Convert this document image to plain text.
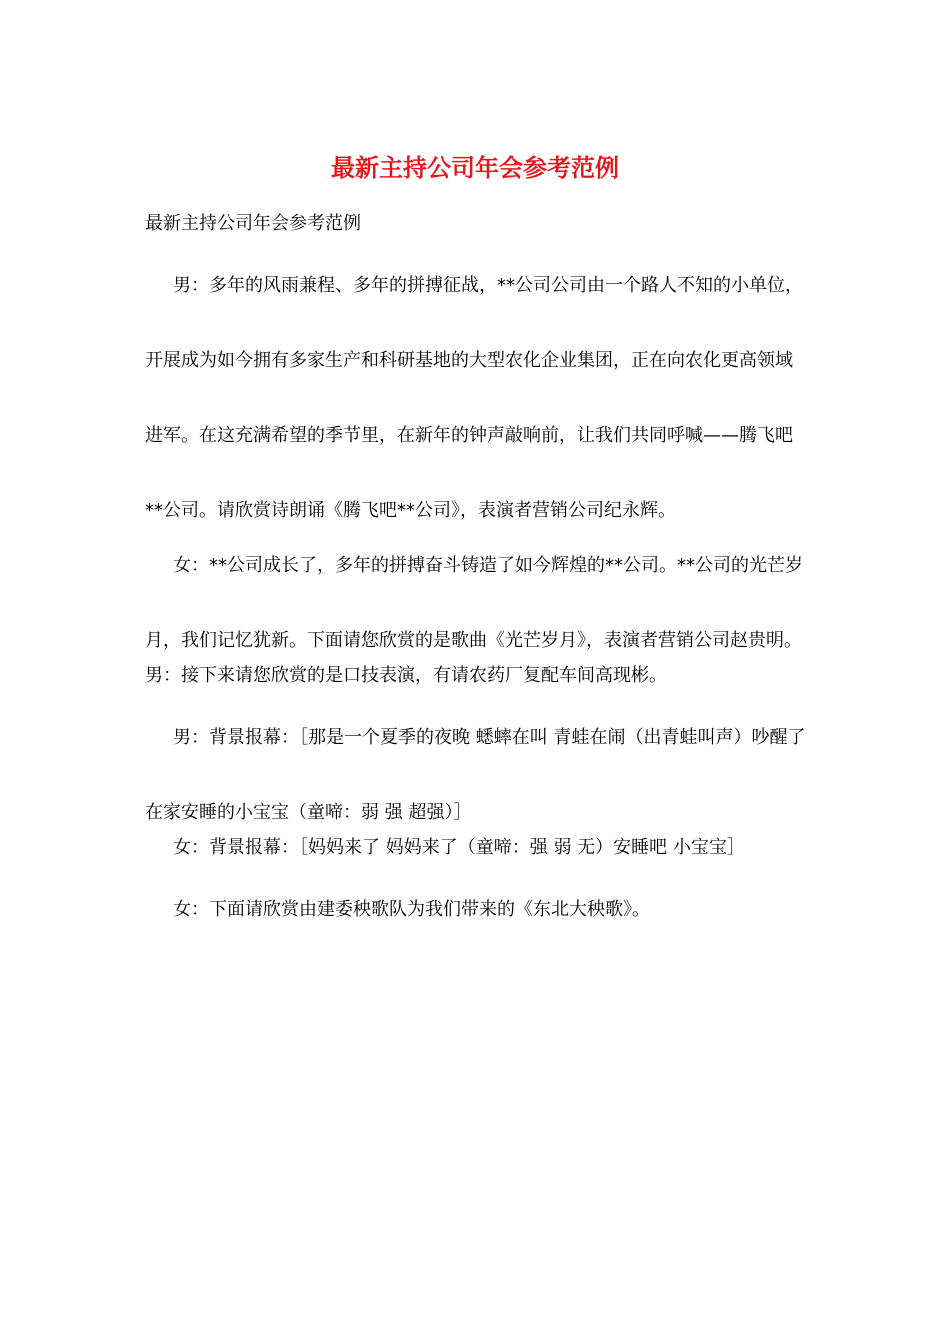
最新主持公司年会参考范例

最新主持公司年会参考范例

男：多年的风雨兼程、多年的拼搏征战，**公司公司由一个路人不知的小单位，开展成为如今拥有多家生产和科研基地的大型农化企业集团，正在向农化更高领域进军。在这充满希望的季节里，在新年的钟声敲响前，让我们共同呼喊——腾飞吧**公司。请欣赏诗朗诵《腾飞吧**公司》，表演者营销公司纪永辉。

女：**公司成长了，多年的拼搏奋斗铸造了如今辉煌的**公司。**公司的光芒岁月，我们记忆犹新。下面请您欣赏的是歌曲《光芒岁月》，表演者营销公司赵贵明。

男：接下来请您欣赏的是口技表演，有请农药厂复配车间高现彬。

男：背景报幕：［那是一个夏季的夜晚 蟋蟀在叫 青蛙在闹（出青蛙叫声）吵醒了在家安睡的小宝宝（童啼：弱 强 超强）］

女：背景报幕：［妈妈来了 妈妈来了（童啼：强 弱 无）安睡吧 小宝宝］

女：下面请欣赏由建委秧歌队为我们带来的《东北大秧歌》。
